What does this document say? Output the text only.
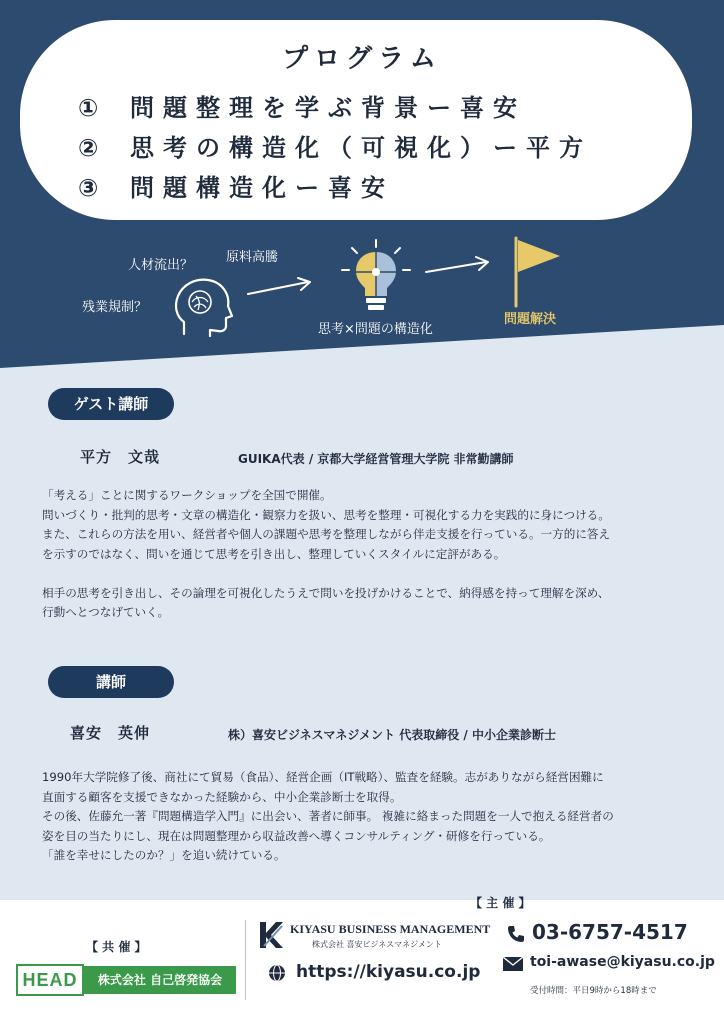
プログラム
① 問題整理を学ぶ背景ー喜安
② 思考の構造化（可視化）ー平方
③ 問題構造化ー喜安
人材流出？
原料高騰
残業規制？
思考×問題の構造化
問題解決
ゲスト講師
平方　文哉	GUIKA代表 / 京都大学経営管理大学院 非常勤講師

「考える」ことに関するワークショップを全国で開催。

問いづくり・批判的思考・文章の構造化・観察力を扱い、思考を整理・可視化する力を実践的に身につける。

また、これらの方法を用い、経営者や個人の課題や思考を整理しながら伴走支援を行っている。一方的に答え

を示すのではなく、問いを通じて思考を引き出し、整理していくスタイルに定評がある。

相手の思考を引き出し、その論理を可視化したうえで問いを投げかけることで、納得感を持って理解を深め、

行動へとつなげていく。

講師
喜安　英伸	株）喜安ビジネスマネジメント 代表取締役 / 中小企業診断士

1990年大学院修了後、商社にて貿易（食品）、経営企画（IT戦略）、監査を経験。志がありながら経営困難に

直面する顧客を支援できなかった経験から、中小企業診断士を取得。

その後、佐藤允一著『問題構造学入門』に出会い、著者に師事。 複雑に絡まった問題を一人で抱える経営者の

姿を目の当たりにし、現在は問題整理から収益改善へ導くコンサルティング・研修を行っている。

「誰を幸せにしたのか？」を追い続けている。

【 主 催 】
【 共 催 】
HEAD	株式会社 自己啓発協会
KIYASU BUSINESS MANAGEMENT
株式会社 喜安ビジネスマネジメント
https://kiyasu.co.jp
03-6757-4517
toi-awase@kiyasu.co.jp
受付時間：平日9時から18時まで
